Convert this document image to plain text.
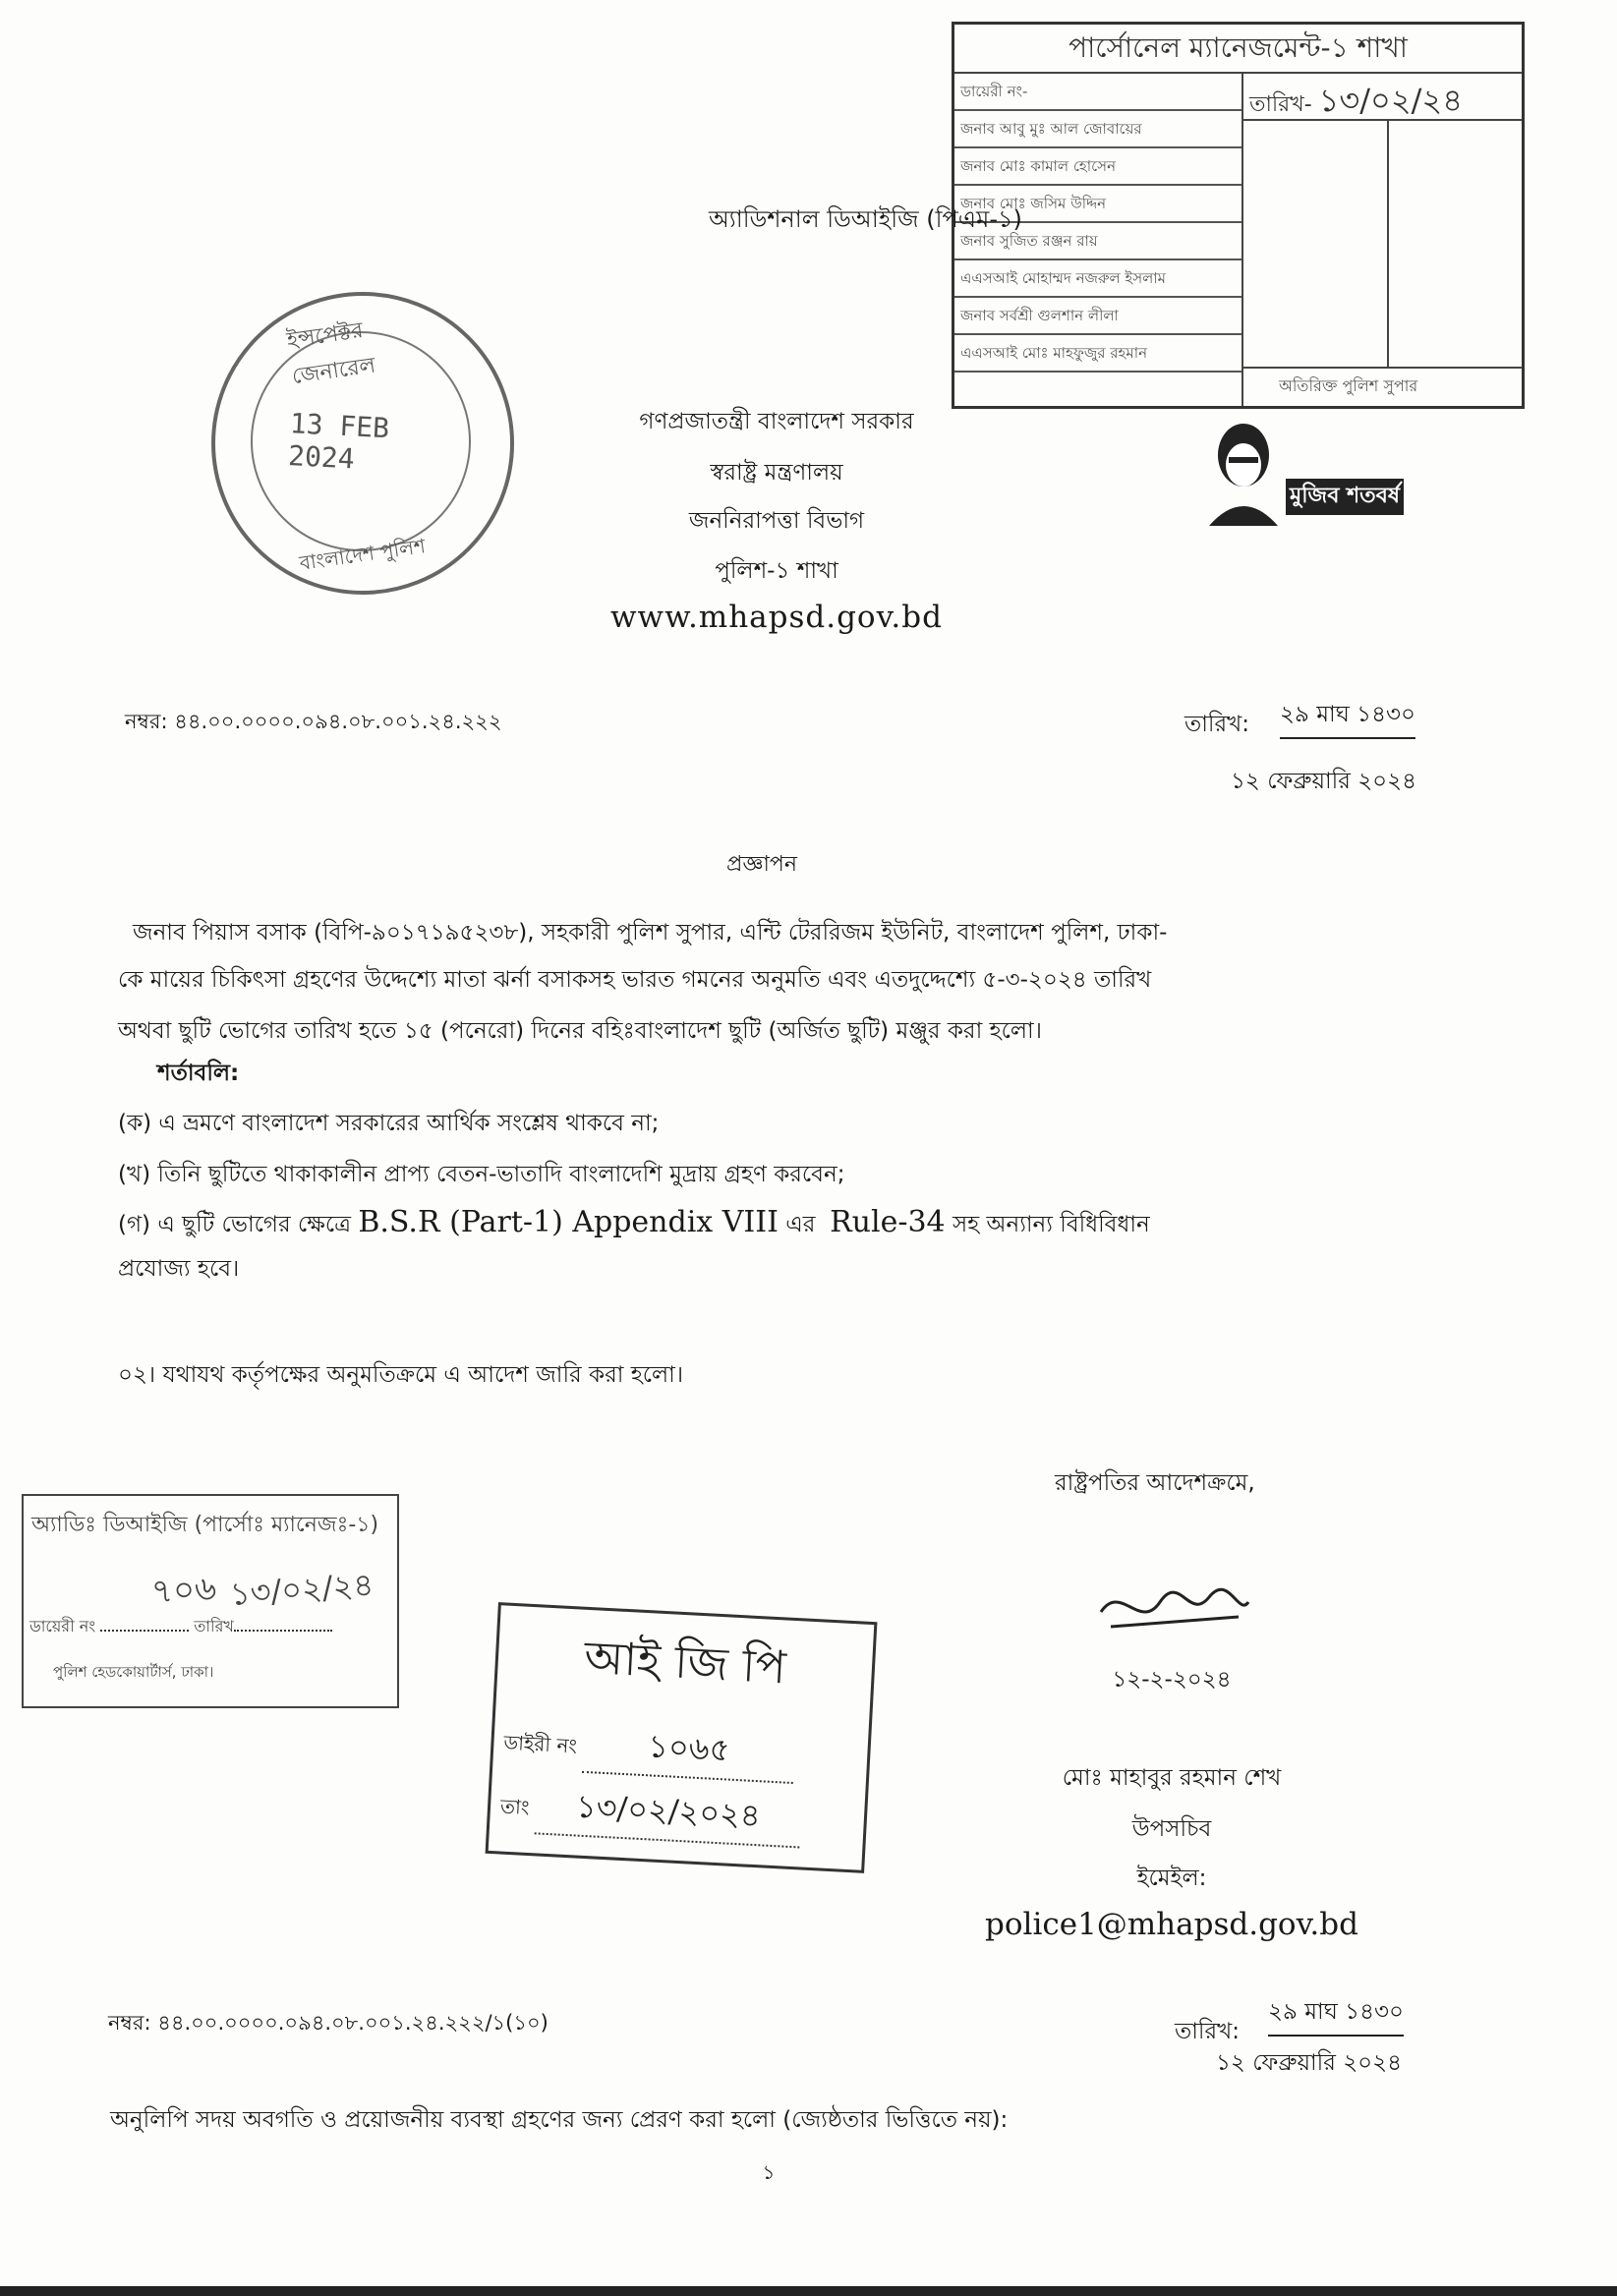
পার্সোনেল ম্যানেজমেন্ট-১ শাখা
ডায়েরী নং-
জনাব আবু মুঃ আল জোবায়ের
জনাব মোঃ কামাল হোসেন
জনাব মোঃ জসিম উদ্দিন
জনাব সুজিত রঞ্জন রায়
এএসআই মোহাম্মদ নজরুল ইসলাম
জনাব সর্বশ্রী গুলশান লীলা
এএসআই মোঃ মাহফুজুর রহমান
তারিখ- ১৩/০২/২৪
অতিরিক্ত পুলিশ সুপার
অ্যাডিশনাল ডিআইজি (পিএম-১)
ইন্সপেক্টর জেনারেল
13 FEB 2024
বাংলাদেশ পুলিশ
গণপ্রজাতন্ত্রী বাংলাদেশ সরকার
স্বরাষ্ট্র মন্ত্রণালয়
জননিরাপত্তা বিভাগ
পুলিশ-১ শাখা
www.mhapsd.gov.bd
মুজিব শতবর্ষ
নম্বর: ৪৪.০০.০০০০.০৯৪.০৮.০০১.২৪.২২২	তারিখ: ২৯ মাঘ ১৪৩০
১২ ফেব্রুয়ারি ২০২৪
প্রজ্ঞাপন
জনাব পিয়াস বসাক (বিপি-৯০১৭১৯৫২৩৮), সহকারী পুলিশ সুপার, এন্টি টেররিজম ইউনিট, বাংলাদেশ পুলিশ, ঢাকা-
কে মায়ের চিকিৎসা গ্রহণের উদ্দেশ্যে মাতা ঝর্না বসাকসহ ভারত গমনের অনুমতি এবং এতদুদ্দেশ্যে ৫-৩-২০২৪ তারিখ
অথবা ছুটি ভোগের তারিখ হতে ১৫ (পনেরো) দিনের বহিঃবাংলাদেশ ছুটি (অর্জিত ছুটি) মঞ্জুর করা হলো।
শর্তাবলি:
(ক) এ ভ্রমণে বাংলাদেশ সরকারের আর্থিক সংশ্লেষ থাকবে না;
(খ) তিনি ছুটিতে থাকাকালীন প্রাপ্য বেতন-ভাতাদি বাংলাদেশি মুদ্রায় গ্রহণ করবেন;
(গ) এ ছুটি ভোগের ক্ষেত্রে B.S.R (Part-1) Appendix VIII এর Rule-34 সহ অন্যান্য বিধিবিধান
প্রযোজ্য হবে।
০২। যথাযথ কর্তৃপক্ষের অনুমতিক্রমে এ আদেশ জারি করা হলো।
রাষ্ট্রপতির আদেশক্রমে,
অ্যাডিঃ ডিআইজি (পার্সোঃ ম্যানেজঃ-১)
৭০৬ ১৩/০২/২৪
ডায়েরী নং	তারিখ
পুলিশ হেডকোয়ার্টার্স, ঢাকা।	আই জি পি
ডাইরী নং ১০৬৫
তাং ১৩/০২/২০২৪
১২-২-২০২৪
মোঃ মাহাবুর রহমান শেখ
উপসচিব
ইমেইল:
police1@mhapsd.gov.bd
নম্বর: ৪৪.০০.০০০০.০৯৪.০৮.০০১.২৪.২২২/১(১০)	তারিখ:
২৯ মাঘ ১৪৩০
১২ ফেব্রুয়ারি ২০২৪
অনুলিপি সদয় অবগতি ও প্রয়োজনীয় ব্যবস্থা গ্রহণের জন্য প্রেরণ করা হলো (জ্যেষ্ঠতার ভিত্তিতে নয়):
১
